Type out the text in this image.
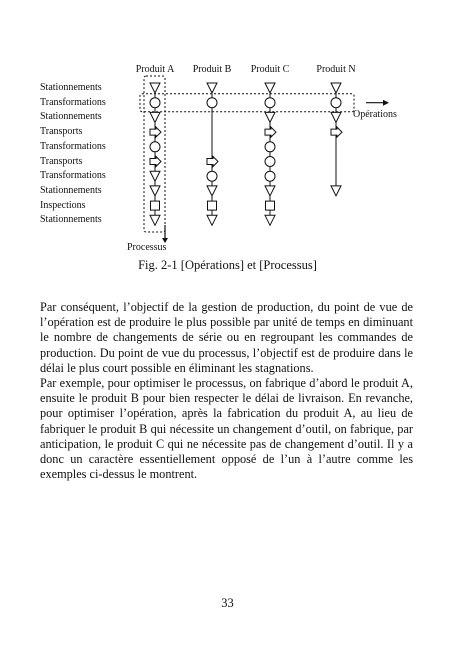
Stationnements
Transformations
Stationnements
Transports
Transformations
Transports
Transformations
Stationnements
Inspections
Stationnements
Produit A	Produit B	Produit C	Produit N
Opérations
Processus
Fig. 2-1 [Opérations] et [Processus]

Par conséquent, l’objectif de la gestion de production, du point de vue de l’opération est de produire le plus possible par unité de temps en diminuant le nombre de changements de série ou en regroupant les commandes de production. Du point de vue du processus, l’objectif est de produire dans le délai le plus court possible en éliminant les stagnations.

Par exemple, pour optimiser le processus, on fabrique d’abord le produit A, ensuite le produit B pour bien respecter le délai de livraison. En revanche, pour optimiser l’opération, après la fabrication du produit A, au lieu de fabriquer le produit B qui nécessite un changement d’outil, on fabrique, par anticipation, le produit C qui ne nécessite pas de changement d’outil. Il y a donc un caractère essentiellement opposé de l’un à l’autre comme les exemples ci-dessus le montrent.

33
